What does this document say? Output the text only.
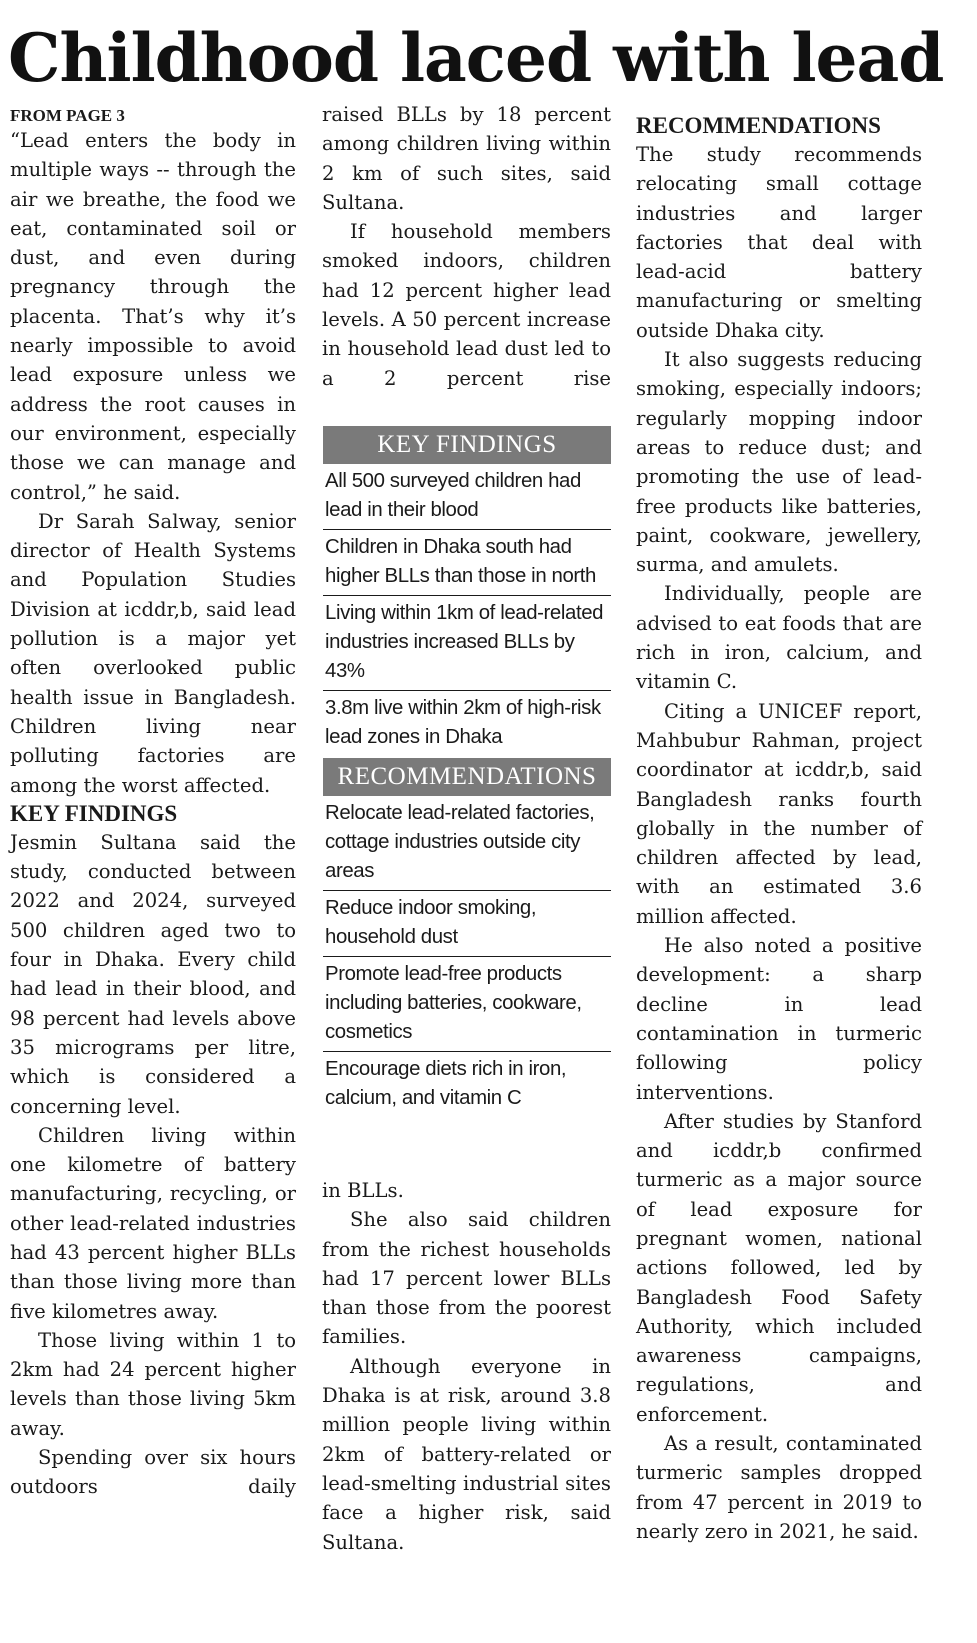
Childhood laced with lead
FROM PAGE 3

“Lead enters the body in multiple ways -- through the air we breathe, the food we eat, contaminated soil or dust, and even during pregnancy through the placenta. That’s why it’s nearly impossible to avoid lead exposure unless we address the root causes in our environment, especially those we can manage and control,” he said.

Dr Sarah Salway, senior director of Health Systems and Population Studies Division at icddr,b, said lead pollution is a major yet often overlooked public health issue in Bangladesh. Children living near polluting factories are among the worst affected.

KEY FINDINGS

Jesmin Sultana said the study, conducted between 2022 and 2024, surveyed 500 children aged two to four in Dhaka. Every child had lead in their blood, and 98 percent had levels above 35 micrograms per litre, which is considered a concerning level.

Children living within one kilometre of battery manufacturing, recycling, or other lead-related industries had 43 percent higher BLLs than those living more than five kilometres away.

Those living within 1 to 2km had 24 percent higher levels than those living 5km away.

Spending over six hours outdoors daily

raised BLLs by 18 percent among children living within 2 km of such sites, said Sultana.

If household members smoked indoors, children had 12 percent higher lead levels. A 50 percent increase in household lead dust led to a 2 percent rise

KEY FINDINGS
All 500 surveyed children had lead in their blood
Children in Dhaka south had higher BLLs than those in north
Living within 1km of lead-related industries increased BLLs by 43%
3.8m live within 2km of high-risk lead zones in Dhaka
RECOMMENDATIONS
Relocate lead-related factories, cottage industries outside city areas
Reduce indoor smoking, household dust
Promote lead-free products including batteries, cookware, cosmetics
Encourage diets rich in iron, calcium, and vitamin C

in BLLs.

She also said children from the richest households had 17 percent lower BLLs than those from the poorest families.

Although everyone in Dhaka is at risk, around 3.8 million people living within 2km of battery-related or lead-smelting industrial sites face a higher risk, said Sultana.

RECOMMENDATIONS

The study recommends relocating small cottage industries and larger factories that deal with lead-acid battery manufacturing or smelting outside Dhaka city.

It also suggests reducing smoking, especially indoors; regularly mopping indoor areas to reduce dust; and promoting the use of lead-free products like batteries, paint, cookware, jewellery, surma, and amulets.

Individually, people are advised to eat foods that are rich in iron, calcium, and vitamin C.

Citing a UNICEF report, Mahbubur Rahman, project coordinator at icddr,b, said Bangladesh ranks fourth globally in the number of children affected by lead, with an estimated 3.6 million affected.

He also noted a positive development: a sharp decline in lead contamination in turmeric following policy interventions.

After studies by Stanford and icddr,b confirmed turmeric as a major source of lead exposure for pregnant women, national actions followed, led by Bangladesh Food Safety Authority, which included awareness campaigns, regulations, and enforcement.

As a result, contaminated turmeric samples dropped from 47 percent in 2019 to nearly zero in 2021, he said.
